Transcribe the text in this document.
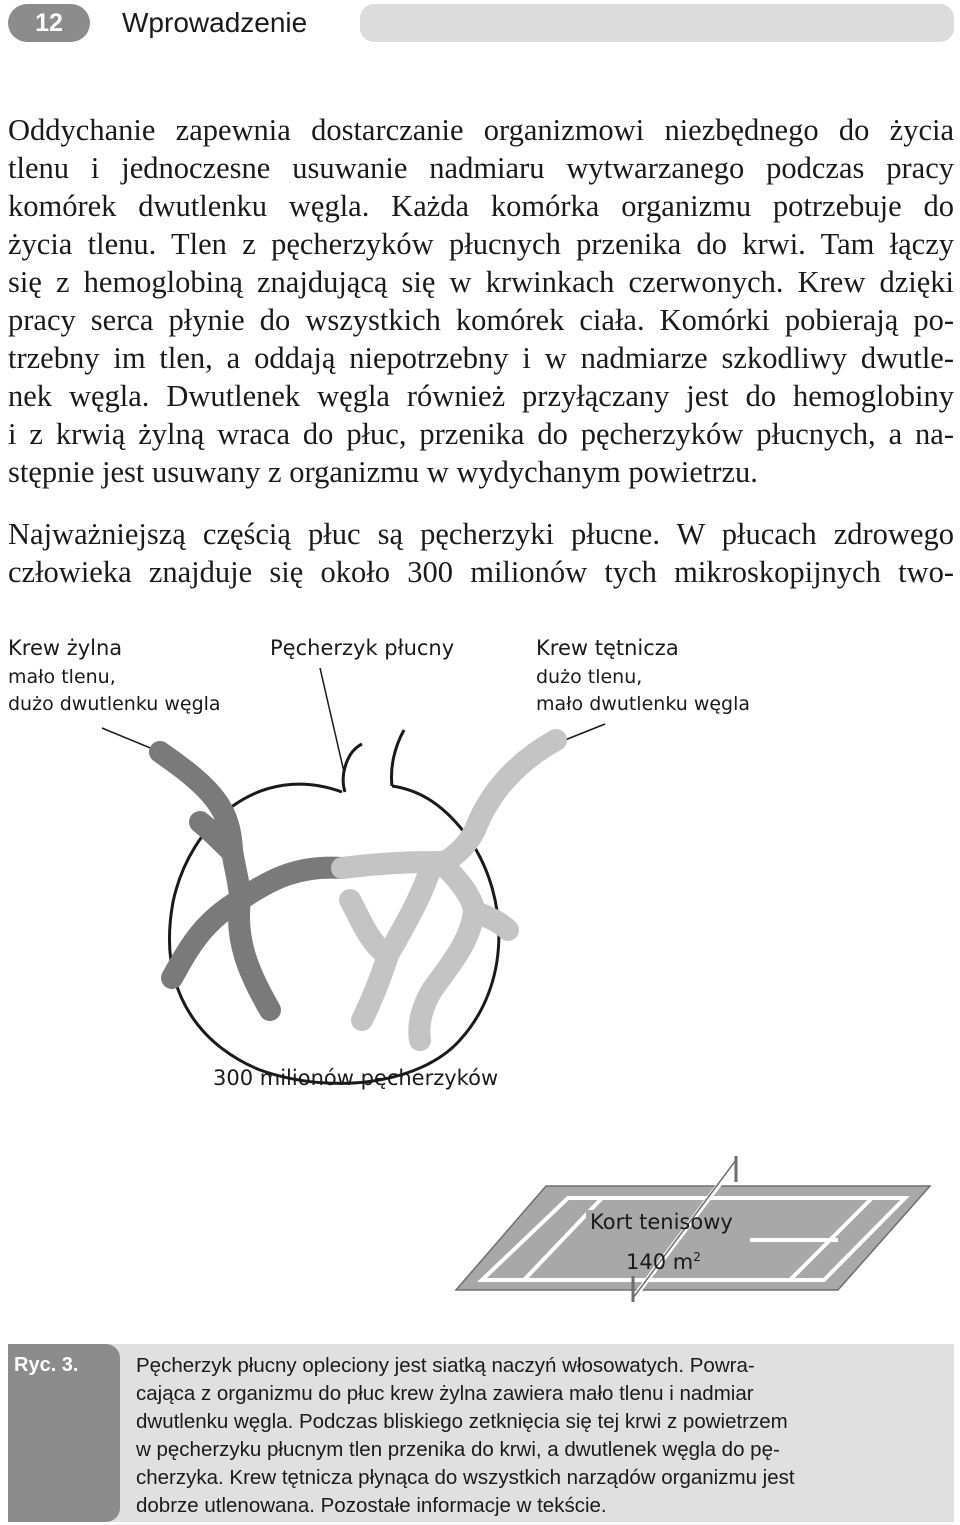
12	Wprowadzenie
Oddychanie zapewnia dostarczanie organizmowi niezbędnego do życia
tlenu i jednoczesne usuwanie nadmiaru wytwarzanego podczas pracy
komórek dwutlenku węgla. Każda komórka organizmu potrzebuje do
życia tlenu. Tlen z pęcherzyków płucnych przenika do krwi. Tam łączy
się z hemoglobiną znajdującą się w krwinkach czerwonych. Krew dzięki
pracy serca płynie do wszystkich komórek ciała. Komórki pobierają po-
trzebny im tlen, a oddają niepotrzebny i w nadmiarze szkodliwy dwutle-
nek węgla. Dwutlenek węgla również przyłączany jest do hemoglobiny
i z krwią żylną wraca do płuc, przenika do pęcherzyków płucnych, a na-
stępnie jest usuwany z organizmu w wydychanym powietrzu.
Najważniejszą częścią płuc są pęcherzyki płucne. W płucach zdrowego
człowieka znajduje się około 300 milionów tych mikroskopijnych two-
Krew żylna
mało tlenu,
dużo dwutlenku węgla
Pęcherzyk płucny	Krew tętnicza
dużo tlenu,
mało dwutlenku węgla
300 milionów pęcherzyków
Kort tenisowy
140 $m^2$
Ryc. 3.	Pęcherzyk płucny opleciony jest siatką naczyń włosowatych. Powra-
cająca z organizmu do płuc krew żylna zawiera mało tlenu i nadmiar
dwutlenku węgla. Podczas bliskiego zetknięcia się tej krwi z powietrzem
w pęcherzyku płucnym tlen przenika do krwi, a dwutlenek węgla do pę-
cherzyka. Krew tętnicza płynąca do wszystkich narządów organizmu jest
dobrze utlenowana. Pozostałe informacje w tekście.
